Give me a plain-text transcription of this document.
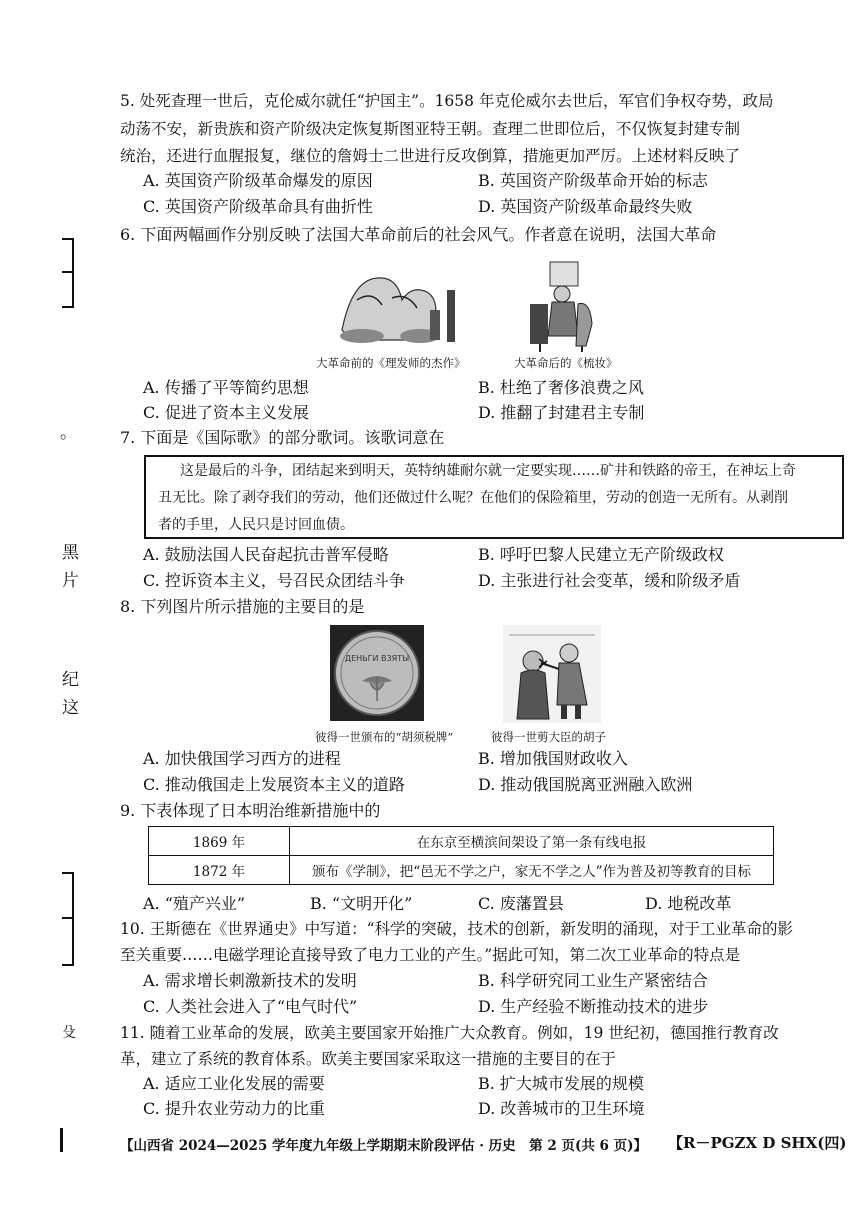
。
黑
片
纪
这
殳
5. 处死查理一世后，克伦威尔就任“护国主”。1658 年克伦威尔去世后，军官们争权夺势，政局
动荡不安，新贵族和资产阶级决定恢复斯图亚特王朝。查理二世即位后，不仅恢复封建专制
统治，还进行血腥报复，继位的詹姆士二世进行反攻倒算，措施更加严厉。上述材料反映了
A. 英国资产阶级革命爆发的原因	B. 英国资产阶级革命开始的标志
C. 英国资产阶级革命具有曲折性	D. 英国资产阶级革命最终失败
6. 下面两幅画作分别反映了法国大革命前后的社会风气。作者意在说明，法国大革命
大革命前的《理发师的杰作》	大革命后的《梳妆》
A. 传播了平等简约思想	B. 杜绝了奢侈浪费之风
C. 促进了资本主义发展	D. 推翻了封建君主专制
7. 下面是《国际歌》的部分歌词。该歌词意在
这是最后的斗争，团结起来到明天，英特纳雄耐尔就一定要实现……矿井和铁路的帝王，在神坛上奇
丑无比。除了剥夺我们的劳动，他们还做过什么呢？在他们的保险箱里，劳动的创造一无所有。从剥削
者的手里，人民只是讨回血债。
A. 鼓励法国人民奋起抗击普军侵略	B. 呼吁巴黎人民建立无产阶级政权
C. 控诉资本主义，号召民众团结斗争	D. 主张进行社会变革，缓和阶级矛盾
8. 下列图片所示措施的主要目的是
ДЕНЬГИ ВЗЯТЫ
彼得一世颁布的“胡须税牌”	彼得一世剪大臣的胡子
A. 加快俄国学习西方的进程	B. 增加俄国财政收入
C. 推动俄国走上发展资本主义的道路	D. 推动俄国脱离亚洲融入欧洲
9. 下表体现了日本明治维新措施中的
1869 年	在东京至横滨间架设了第一条有线电报
1872 年	颁布《学制》，把“邑无不学之户，家无不学之人”作为普及初等教育的目标
A. “殖产兴业”	B. “文明开化”	C. 废藩置县	D. 地税改革
10. 王斯德在《世界通史》中写道：“科学的突破，技术的创新，新发明的涌现，对于工业革命的影
至关重要……电磁学理论直接导致了电力工业的产生。”据此可知，第二次工业革命的特点是
A. 需求增长刺激新技术的发明	B. 科学研究同工业生产紧密结合
C. 人类社会进入了“电气时代”	D. 生产经验不断推动技术的进步
11. 随着工业革命的发展，欧美主要国家开始推广大众教育。例如，19 世纪初，德国推行教育改
革，建立了系统的教育体系。欧美主要国家采取这一措施的主要目的在于
A. 适应工业化发展的需要	B. 扩大城市发展的规模
C. 提升农业劳动力的比重	D. 改善城市的卫生环境
【山西省 2024—2025 学年度九年级上学期期末阶段评估 · 历史　第 2 页(共 6 页)】 【R－PGZX D SHX(四)
